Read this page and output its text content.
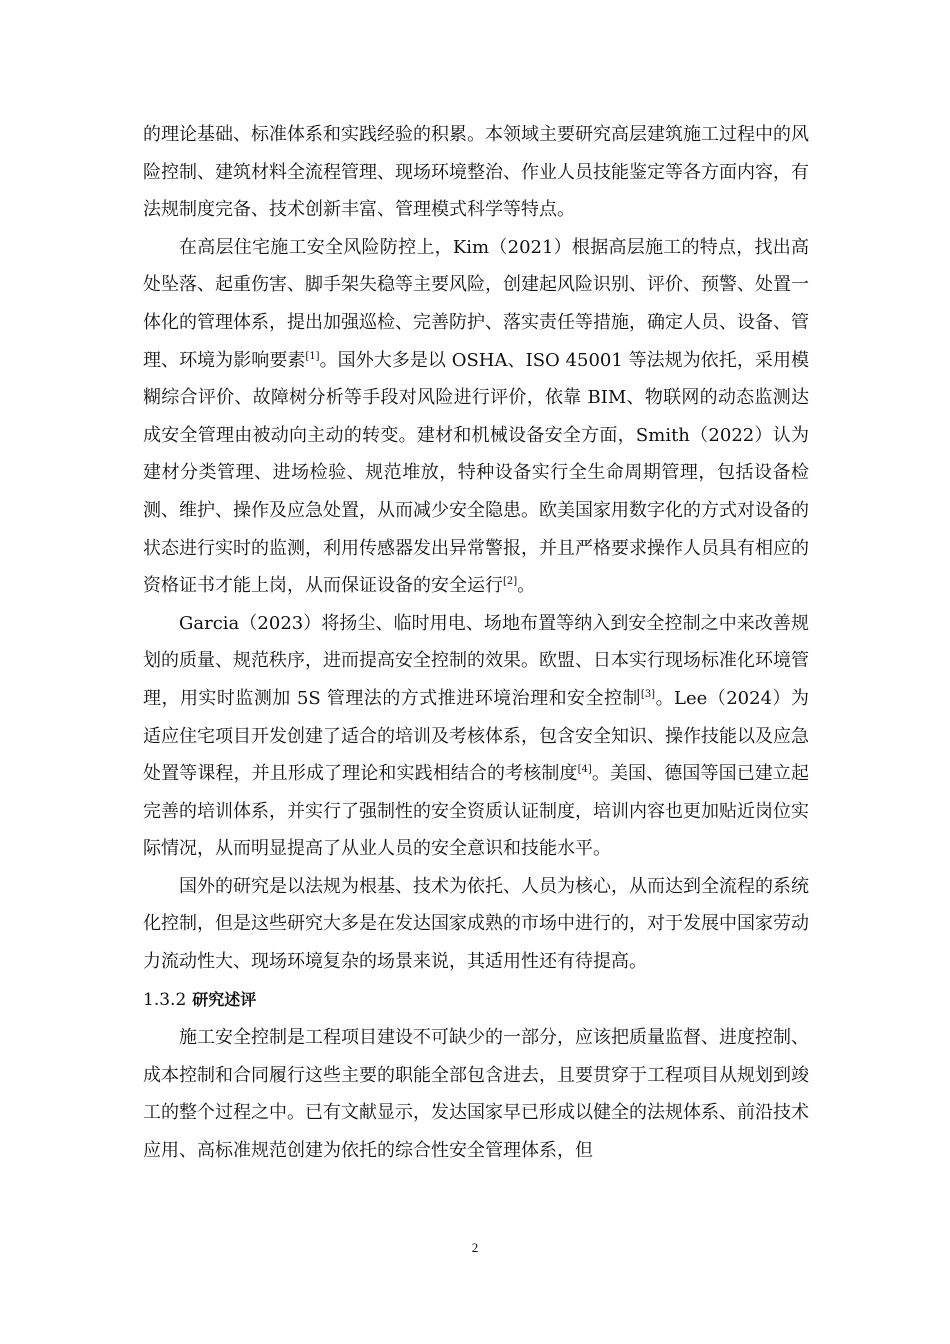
的理论基础、标准体系和实践经验的积累。本领域主要研究高层建筑施工过程中的风险控制、建筑材料全流程管理、现场环境整治、作业人员技能鉴定等各方面内容，有法规制度完备、技术创新丰富、管理模式科学等特点。

在高层住宅施工安全风险防控上，Kim（2021）根据高层施工的特点，找出高处坠落、起重伤害、脚手架失稳等主要风险，创建起风险识别、评价、预警、处置一体化的管理体系，提出加强巡检、完善防护、落实责任等措施，确定人员、设备、管理、环境为影响要素[1]。国外大多是以 OSHA、ISO 45001 等法规为依托，采用模糊综合评价、故障树分析等手段对风险进行评价，依靠 BIM、物联网的动态监测达成安全管理由被动向主动的转变。建材和机械设备安全方面，Smith（2022）认为建材分类管理、进场检验、规范堆放，特种设备实行全生命周期管理，包括设备检测、维护、操作及应急处置，从而减少安全隐患。欧美国家用数字化的方式对设备的状态进行实时的监测，利用传感器发出异常警报，并且严格要求操作人员具有相应的资格证书才能上岗，从而保证设备的安全运行[2]。

Garcia（2023）将扬尘、临时用电、场地布置等纳入到安全控制之中来改善规划的质量、规范秩序，进而提高安全控制的效果。欧盟、日本实行现场标准化环境管理，用实时监测加 5S 管理法的方式推进环境治理和安全控制[3]。Lee（2024）为适应住宅项目开发创建了适合的培训及考核体系，包含安全知识、操作技能以及应急处置等课程，并且形成了理论和实践相结合的考核制度[4]。美国、德国等国已建立起完善的培训体系，并实行了强制性的安全资质认证制度，培训内容也更加贴近岗位实际情况，从而明显提高了从业人员的安全意识和技能水平。

国外的研究是以法规为根基、技术为依托、人员为核心，从而达到全流程的系统化控制，但是这些研究大多是在发达国家成熟的市场中进行的，对于发展中国家劳动力流动性大、现场环境复杂的场景来说，其适用性还有待提高。

1.3.2 研究述评

施工安全控制是工程项目建设不可缺少的一部分，应该把质量监督、进度控制、成本控制和合同履行这些主要的职能全部包含进去，且要贯穿于工程项目从规划到竣工的整个过程之中。已有文献显示，发达国家早已形成以健全的法规体系、前沿技术应用、高标准规范创建为依托的综合性安全管理体系，但

2
